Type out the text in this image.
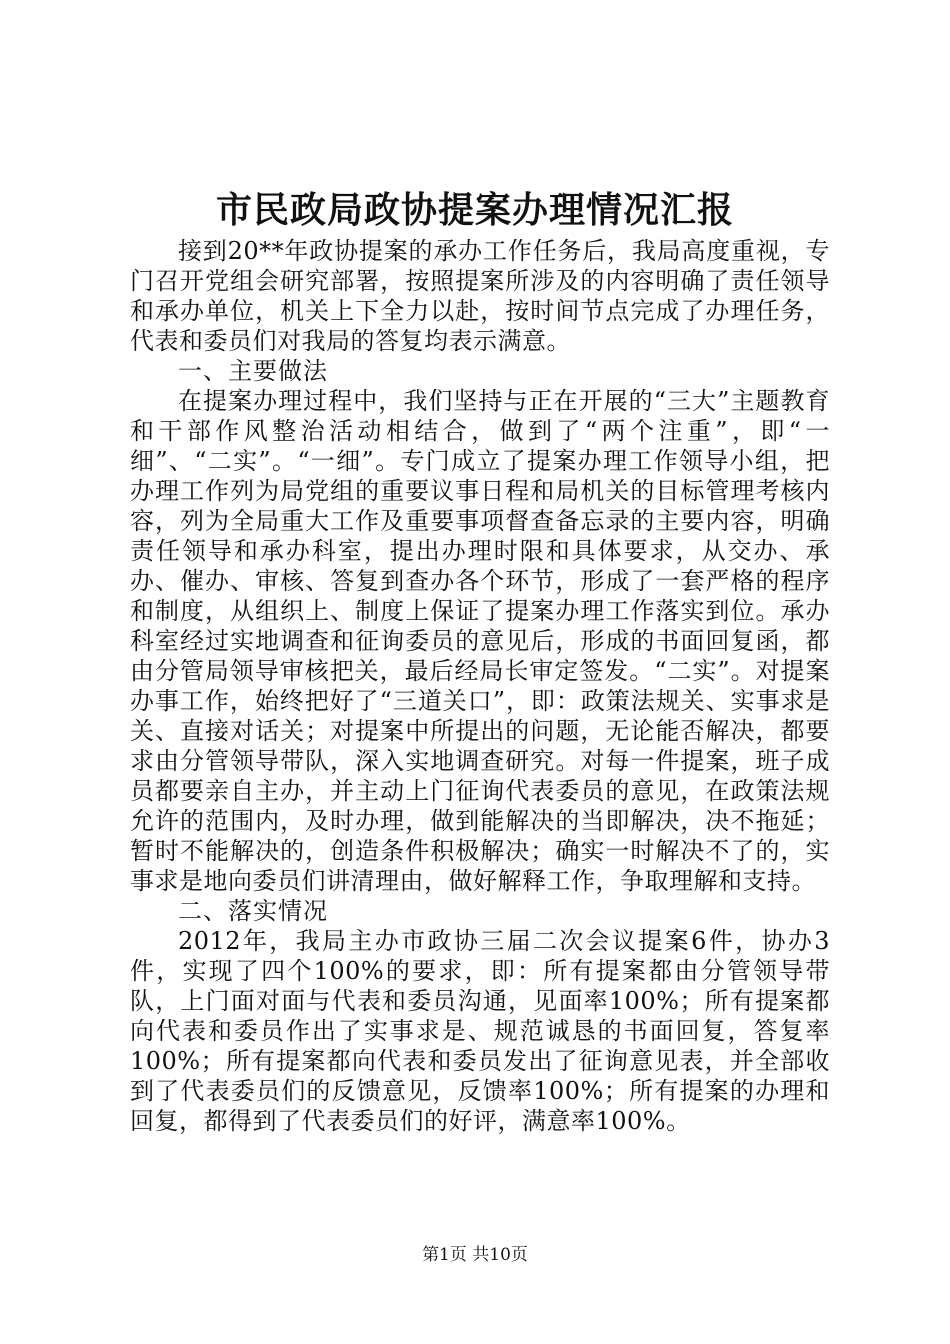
市民政局政协提案办理情况汇报

接到20**年政协提案的承办工作任务后，我局高度重视，专门召开党组会研究部署，按照提案所涉及的内容明确了责任领导和承办单位，机关上下全力以赴，按时间节点完成了办理任务，代表和委员们对我局的答复均表示满意。

一、主要做法

在提案办理过程中，我们坚持与正在开展的“三大”主题教育和干部作风整治活动相结合，做到了“两个注重”，即“一细”、“二实”。“一细”。专门成立了提案办理工作领导小组，把办理工作列为局党组的重要议事日程和局机关的目标管理考核内容，列为全局重大工作及重要事项督查备忘录的主要内容，明确责任领导和承办科室，提出办理时限和具体要求，从交办、承办、催办、审核、答复到查办各个环节，形成了一套严格的程序和制度，从组织上、制度上保证了提案办理工作落实到位。承办科室经过实地调查和征询委员的意见后，形成的书面回复函，都由分管局领导审核把关，最后经局长审定签发。“二实”。对提案办事工作，始终把好了“三道关口”，即：政策法规关、实事求是关、直接对话关；对提案中所提出的问题，无论能否解决，都要求由分管领导带队，深入实地调查研究。对每一件提案，班子成员都要亲自主办，并主动上门征询代表委员的意见，在政策法规允许的范围内，及时办理，做到能解决的当即解决，决不拖延；暂时不能解决的，创造条件积极解决；确实一时解决不了的，实事求是地向委员们讲清理由，做好解释工作，争取理解和支持。

二、落实情况

2012年，我局主办市政协三届二次会议提案6件，协办3件，实现了四个100%的要求，即：所有提案都由分管领导带队，上门面对面与代表和委员沟通，见面率100%；所有提案都向代表和委员作出了实事求是、规范诚恳的书面回复，答复率100%；所有提案都向代表和委员发出了征询意见表，并全部收到了代表委员们的反馈意见，反馈率100%；所有提案的办理和回复，都得到了代表委员们的好评，满意率100%。

第1页 共10页
